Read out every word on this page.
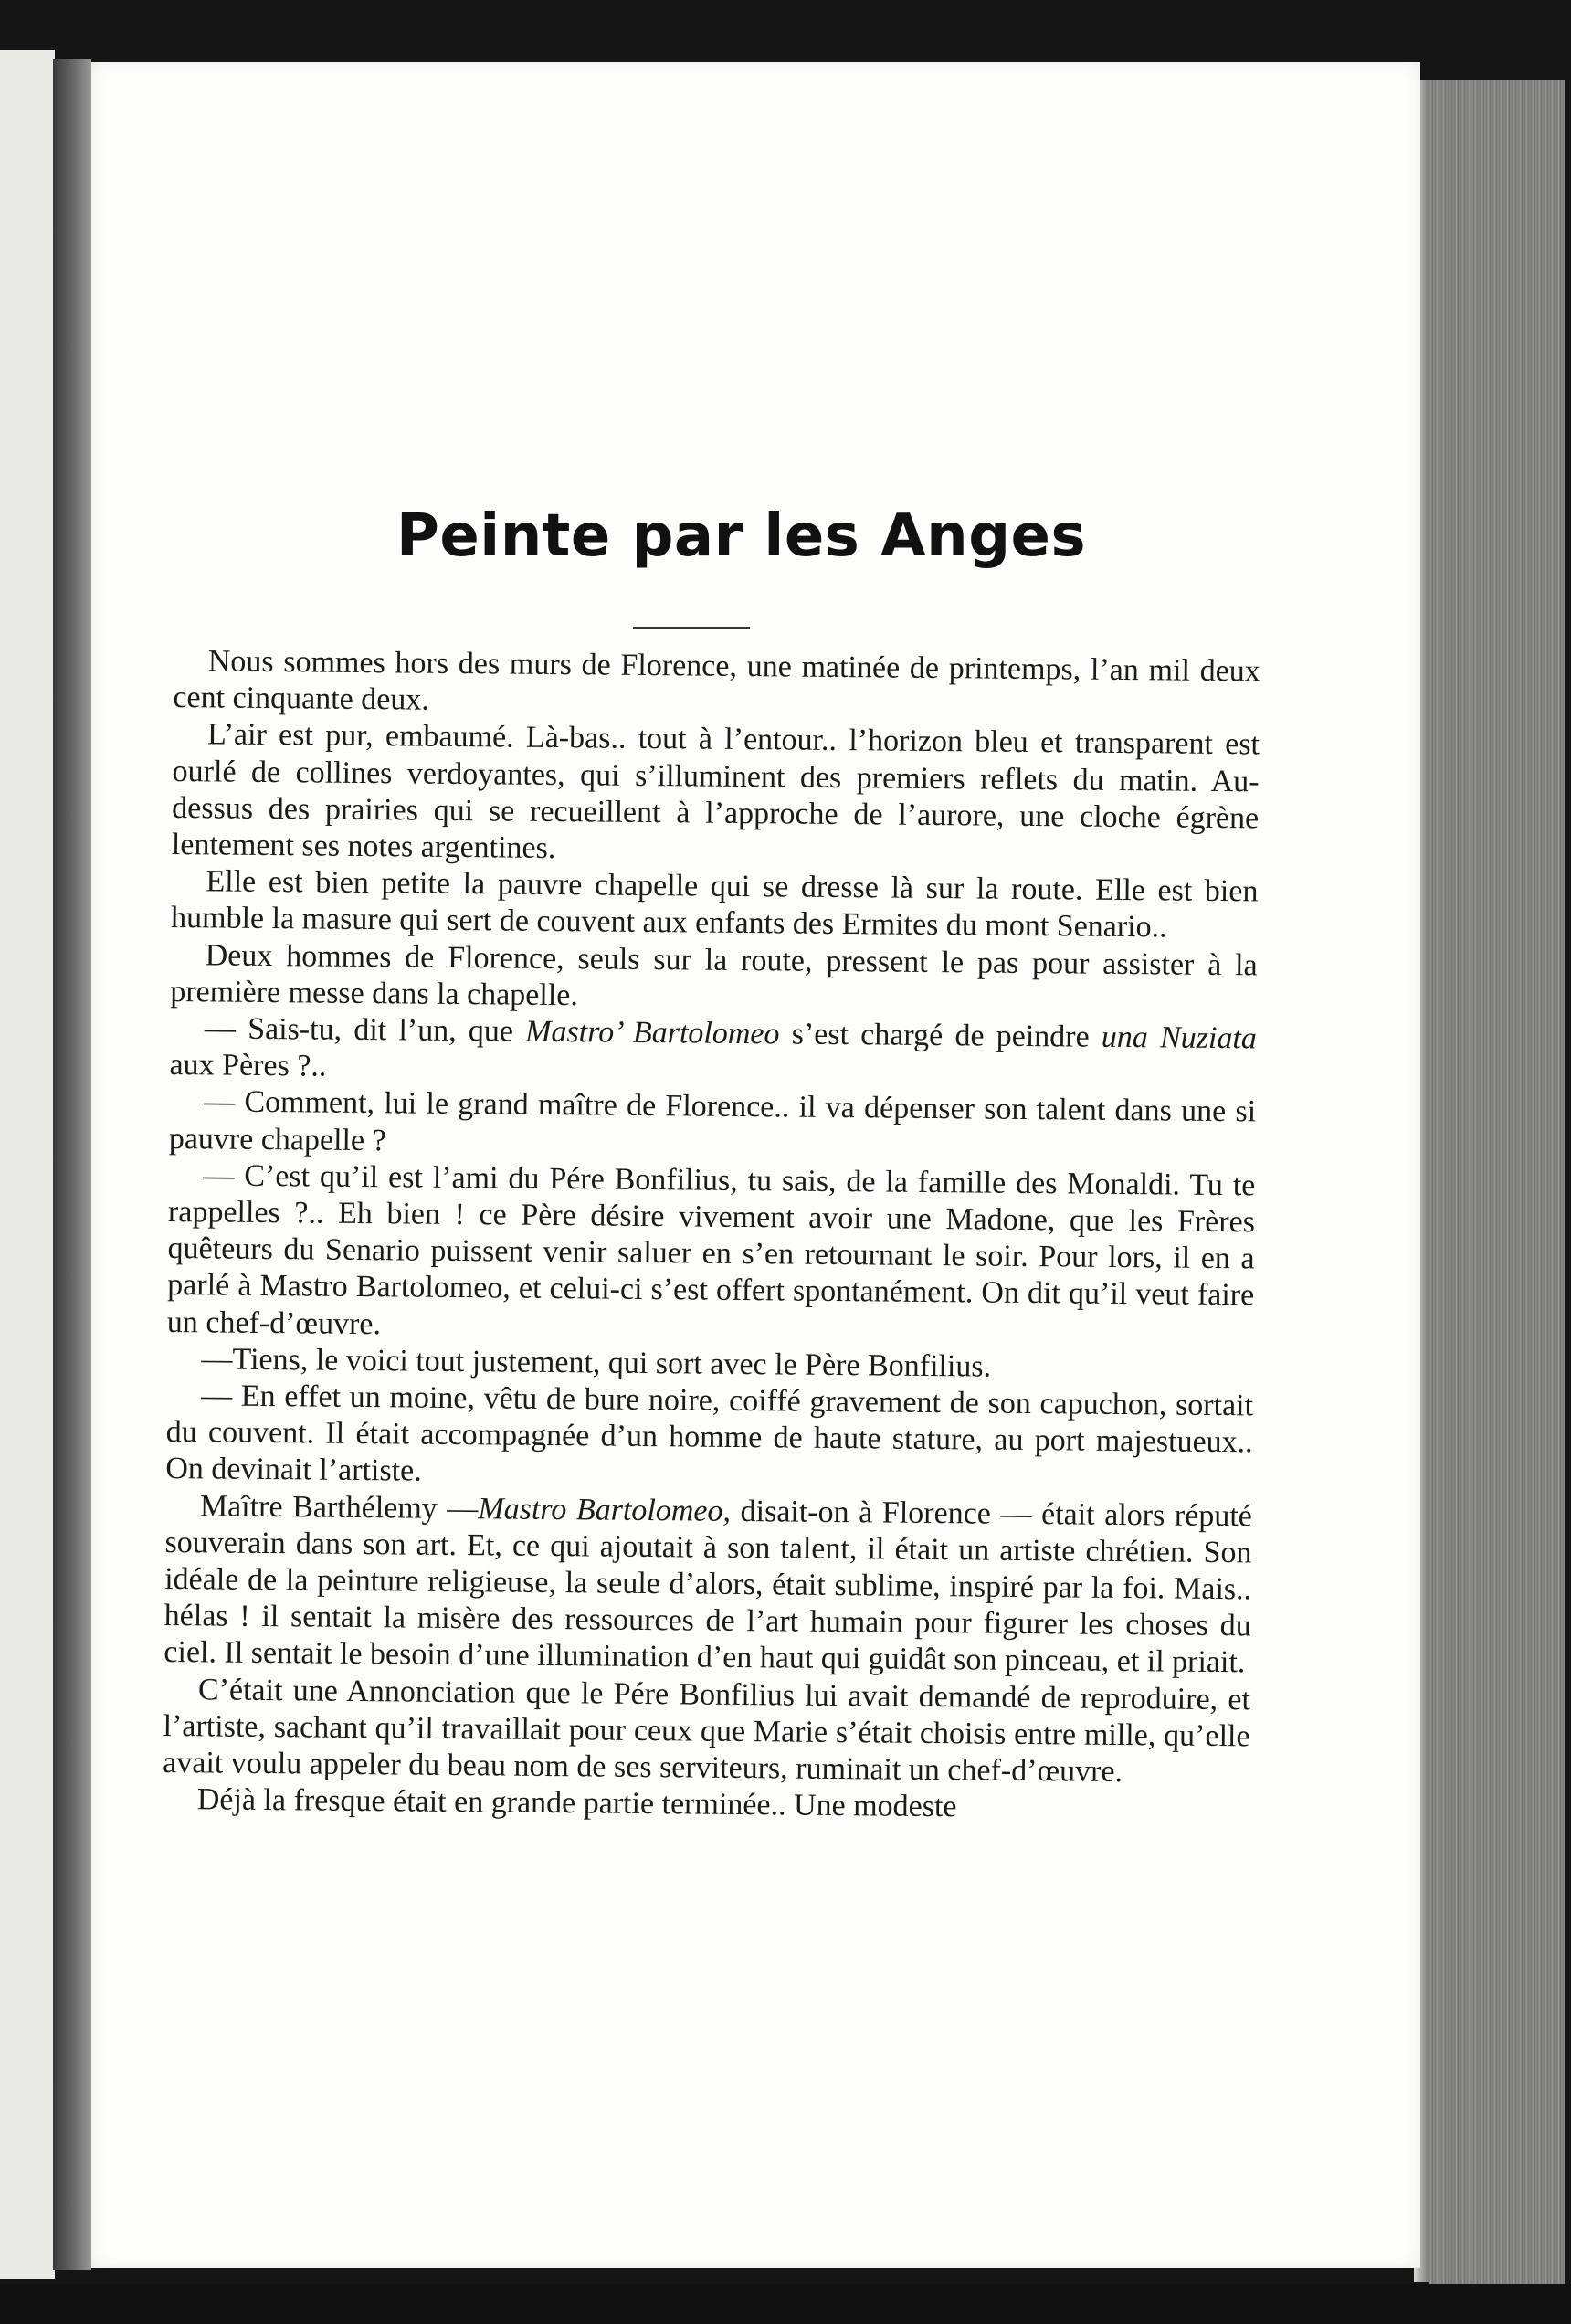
Peinte par les Anges

Nous sommes hors des murs de Florence, une matinée de printemps, l’an mil deux cent cinquante deux.

L’air est pur, embaumé. Là-bas.. tout à l’entour.. l’horizon bleu et transparent est ourlé de collines verdoyantes, qui s’illuminent des premiers reflets du matin. Au-dessus des prairies qui se recueillent à l’approche de l’aurore, une cloche égrène lentement ses notes argentines.

Elle est bien petite la pauvre chapelle qui se dresse là sur la route. Elle est bien humble la masure qui sert de couvent aux enfants des Ermites du mont Senario..

Deux hommes de Florence, seuls sur la route, pressent le pas pour assister à la première messe dans la chapelle.

— Sais-tu, dit l’un, que Mastro’ Bartolomeo s’est chargé de peindre una Nuziata aux Pères ?..

— Comment, lui le grand maître de Florence.. il va dépenser son talent dans une si pauvre chapelle ?

— C’est qu’il est l’ami du Pére Bonfilius, tu sais, de la famille des Monaldi. Tu te rappelles ?.. Eh bien ! ce Père désire vivement avoir une Madone, que les Frères quêteurs du Senario puissent venir saluer en s’en retournant le soir. Pour lors, il en a parlé à Mastro Bartolomeo, et celui-ci s’est offert spontanément. On dit qu’il veut faire un chef-d’œuvre.

—Tiens, le voici tout justement, qui sort avec le Père Bonfilius.

— En effet un moine, vêtu de bure noire, coiffé gravement de son capuchon, sortait du couvent. Il était accompagnée d’un homme de haute stature, au port majestueux.. On devinait l’artiste.

Maître Barthélemy —Mastro Bartolomeo, disait-on à Florence — était alors réputé souverain dans son art. Et, ce qui ajoutait à son talent, il était un artiste chrétien. Son idéale de la peinture religieuse, la seule d’alors, était sublime, inspiré par la foi. Mais.. hélas ! il sentait la misère des ressources de l’art humain pour figurer les choses du ciel. Il sentait le besoin d’une illumination d’en haut qui guidât son pinceau, et il priait.

C’était une Annonciation que le Pére Bonfilius lui avait demandé de reproduire, et l’artiste, sachant qu’il travaillait pour ceux que Marie s’était choisis entre mille, qu’elle avait voulu appeler du beau nom de ses serviteurs, ruminait un chef-d’œuvre.

Déjà la fresque était en grande partie terminée.. Une modeste
